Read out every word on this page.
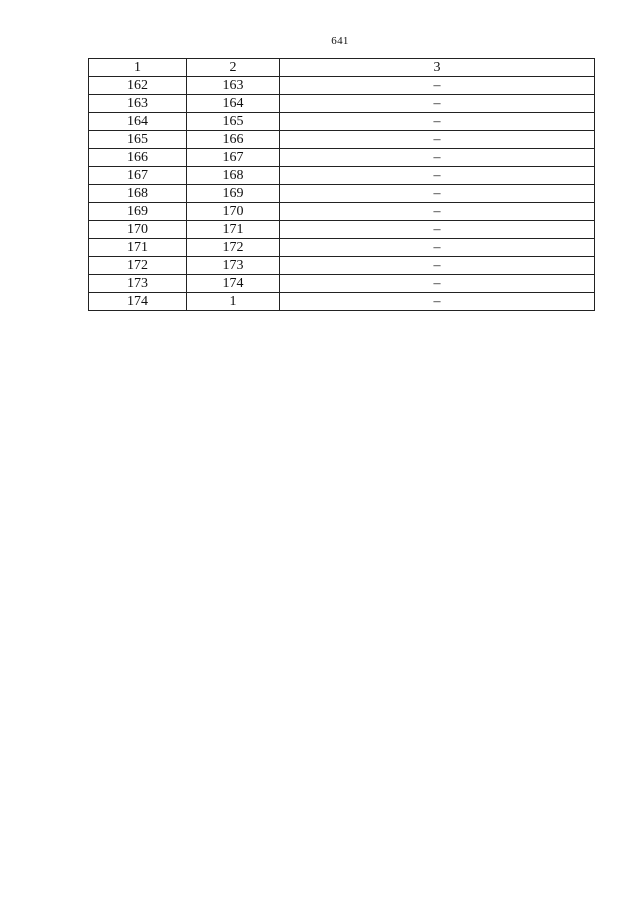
641
1	2	3
162	163	–
163	164	–
164	165	–
165	166	–
166	167	–
167	168	–
168	169	–
169	170	–
170	171	–
171	172	–
172	173	–
173	174	–
174	1	–
